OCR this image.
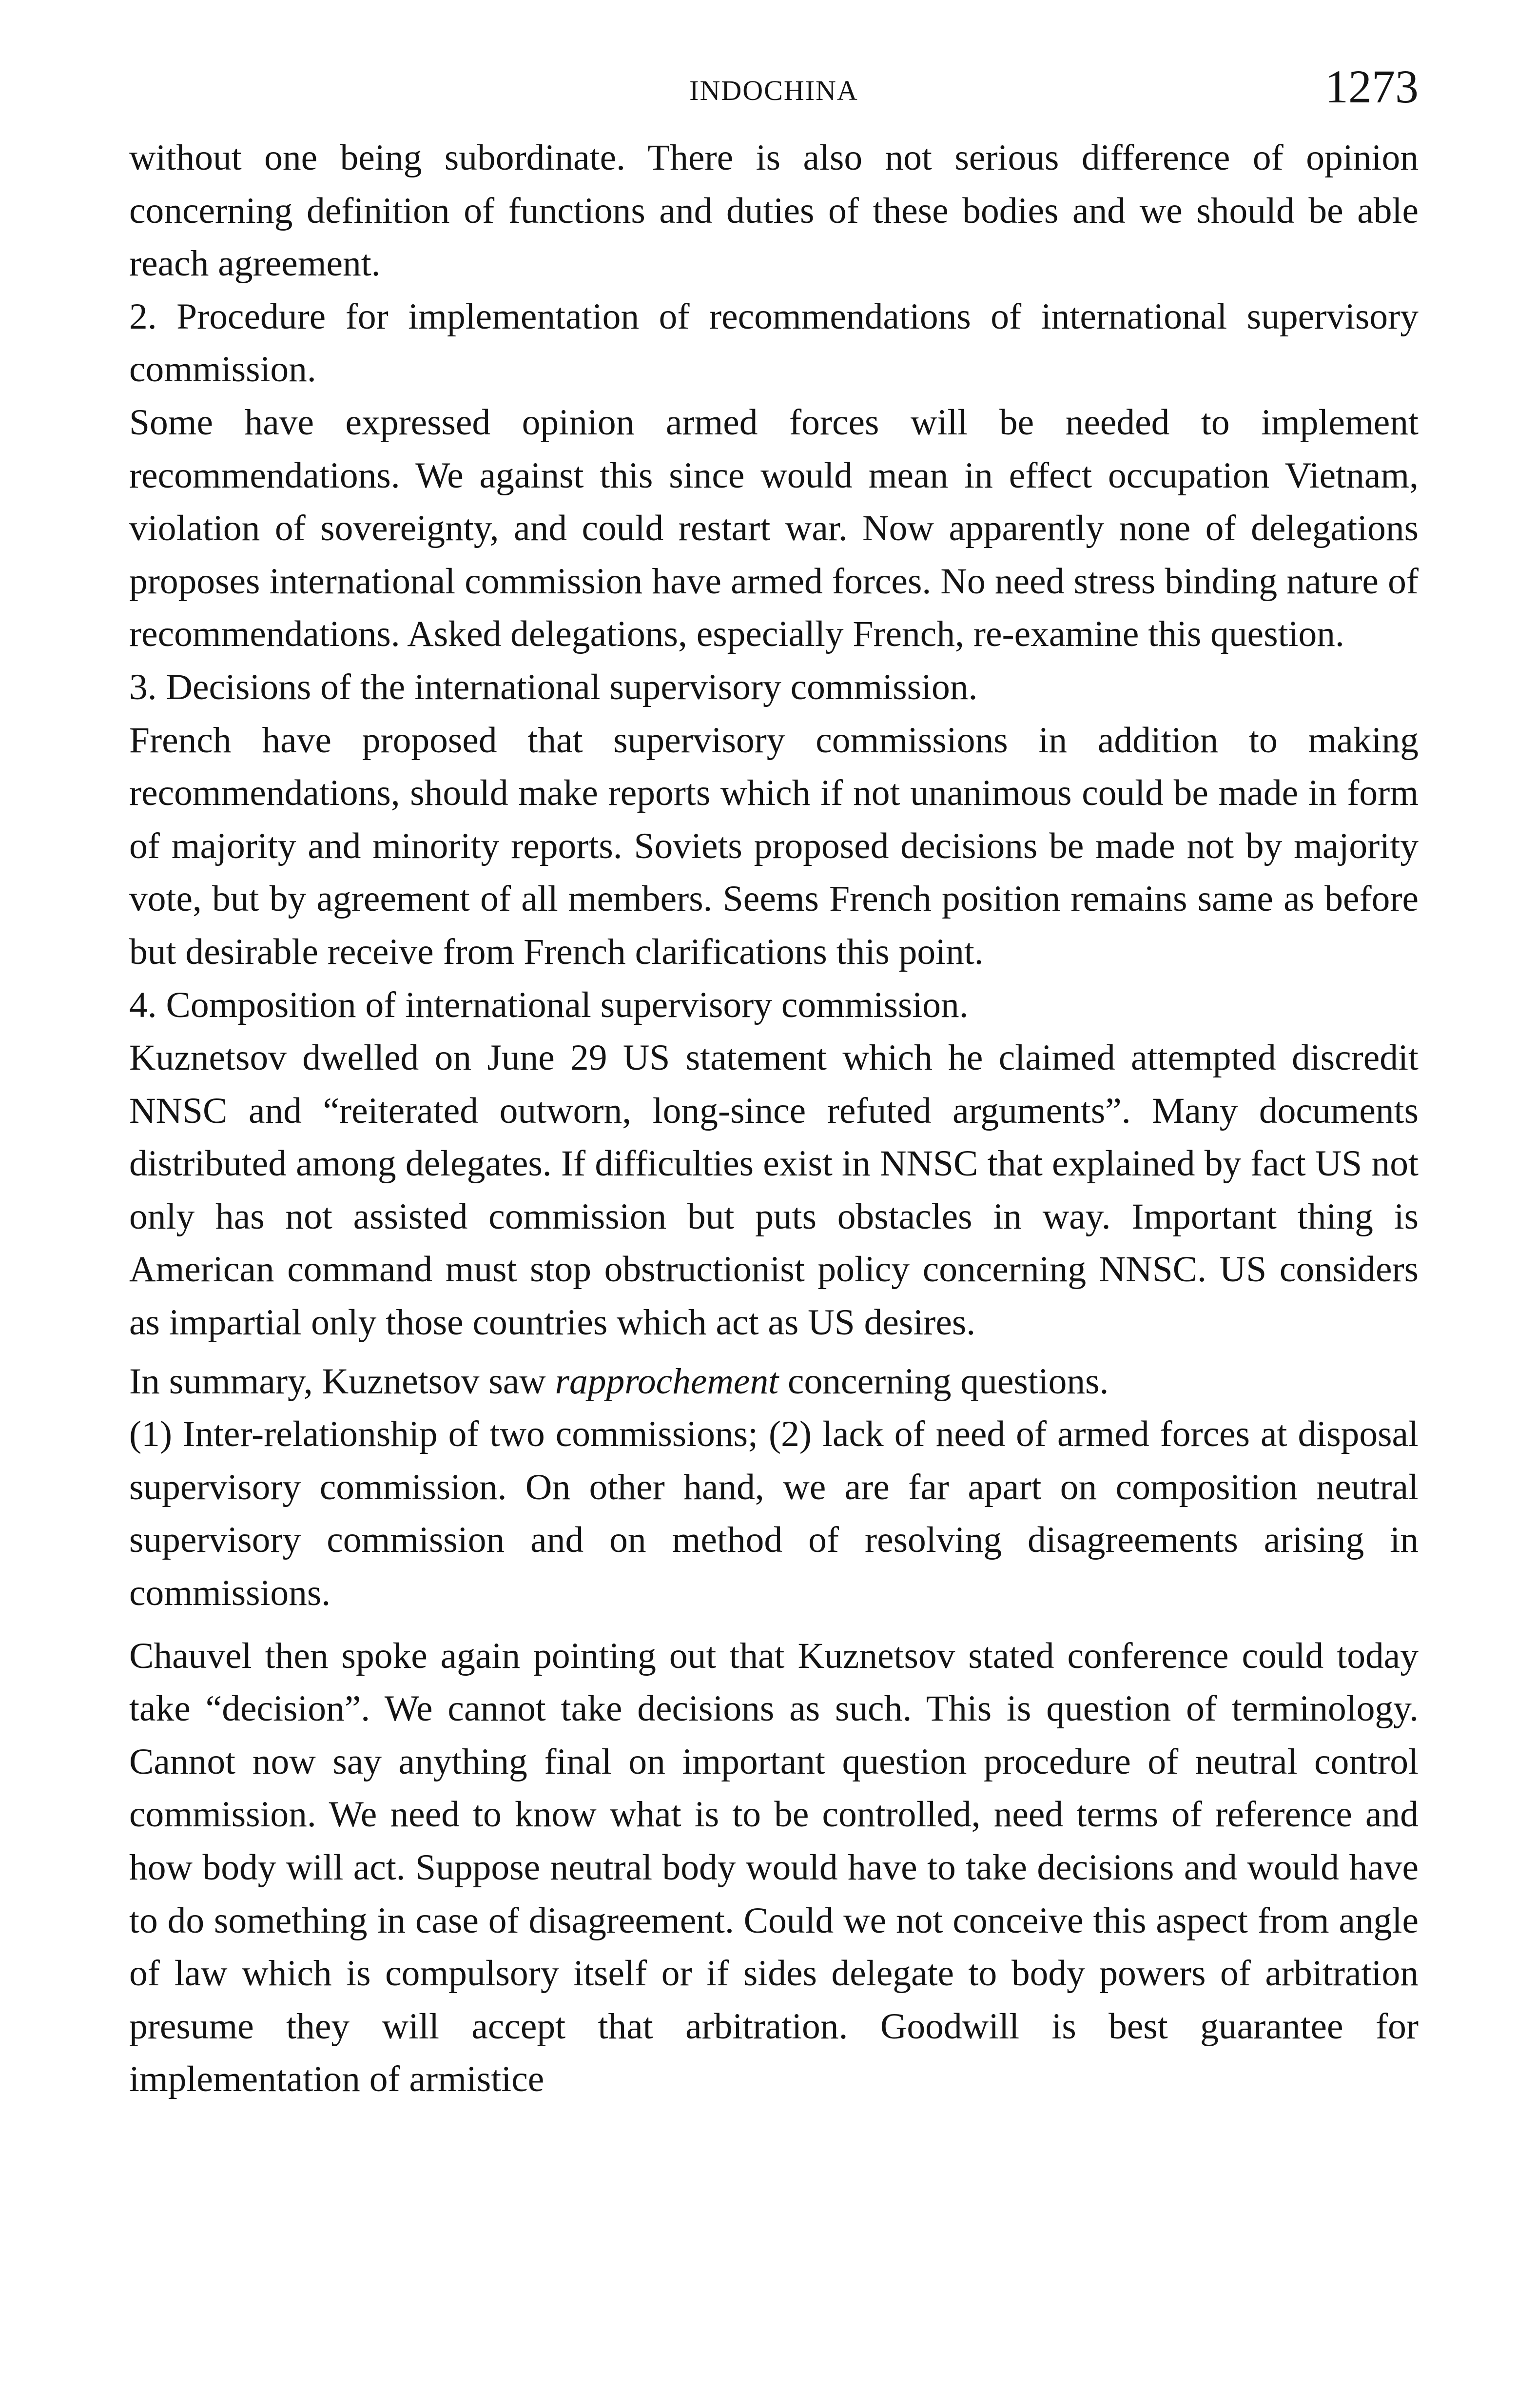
INDOCHINA	1273

without one being subordinate. There is also not serious difference of opinion concerning definition of functions and duties of these bodies and we should be able reach agreement.

2. Procedure for implementation of recommendations of international supervisory commission.

Some have expressed opinion armed forces will be needed to implement recommendations. We against this since would mean in effect occupation Vietnam, violation of sovereignty, and could restart war. Now apparently none of delegations proposes international commission have armed forces. No need stress binding nature of recommendations. Asked delegations, especially French, re-examine this question.

3. Decisions of the international supervisory commission.

French have proposed that supervisory commissions in addition to making recommendations, should make reports which if not unanimous could be made in form of majority and minority reports. Soviets proposed decisions be made not by majority vote, but by agreement of all members. Seems French position remains same as before but desirable receive from French clarifications this point.

4. Composition of international supervisory commission.

Kuznetsov dwelled on June 29 US statement which he claimed attempted discredit NNSC and “reiterated outworn, long-since refuted arguments”. Many documents distributed among delegates. If difficulties exist in NNSC that explained by fact US not only has not assisted commission but puts obstacles in way. Important thing is American command must stop obstructionist policy concerning NNSC. US considers as impartial only those countries which act as US desires.

In summary, Kuznetsov saw rapprochement concerning questions.

(1) Inter-relationship of two commissions; (2) lack of need of armed forces at disposal supervisory commission. On other hand, we are far apart on composition neutral supervisory commission and on method of resolving disagreements arising in commissions.

Chauvel then spoke again pointing out that Kuznetsov stated conference could today take “decision”. We cannot take decisions as such. This is question of terminology. Cannot now say anything final on important question procedure of neutral control commission. We need to know what is to be controlled, need terms of reference and how body will act. Suppose neutral body would have to take decisions and would have to do something in case of disagreement. Could we not conceive this aspect from angle of law which is compulsory itself or if sides delegate to body powers of arbitration presume they will accept that arbitration. Goodwill is best guarantee for implementation of armistice
